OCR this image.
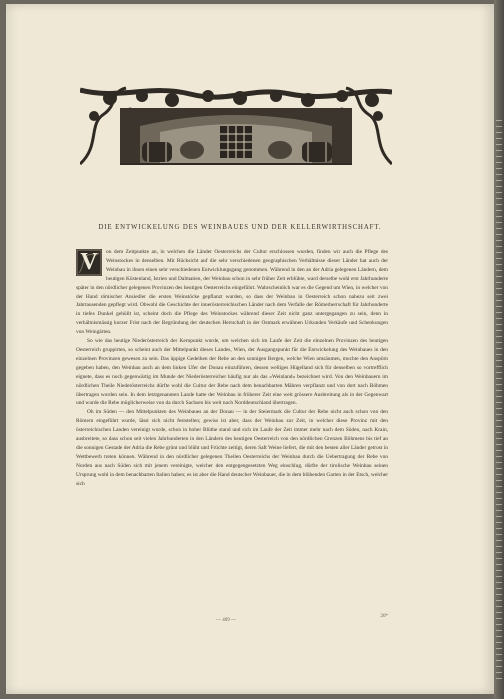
DIE ENTWICKELUNG DES WEINBAUES UND DER KELLERWIRTHSCHAFT.
V	on dem Zeitpunkte an, in welchen die Länder Oesterreichs der Cultur erschlossen wurden, finden wir auch die Pflege des Weinstockes in denselben. Mit Rücksicht auf die sehr verschiedenen geographischen Verhältnisse dieser Länder hat auch der Weinbau in ihnen einen sehr verschiedenen Entwicklungsgang genommen. Während in den an der Adria gelegenen Ländern, dem heutigen Küstenland, Istrien und Dalmatien, der Weinbau schon in sehr früher Zeit erblühte, ward derselbe wohl erst Jahrhunderte später in den nördlicher gelegenen Provinzen des heutigen Oesterreichs eingeführt. Wahrscheinlich war es die Gegend um Wien, in welcher von der Hand römischer Ansiedler die ersten Weinstöcke gepflanzt wurden, so dass der Weinbau in Oesterreich schon nahezu seit zwei Jahrtausenden gepflegt wird. Obwohl die Geschichte der innerösterreichischen Länder nach dem Verfalle der Römerherrschaft für Jahrhunderte in tiefes Dunkel gehüllt ist, scheint doch die Pflege des Weinstockes während dieser Zeit nicht ganz untergegangen zu sein, denn in verhältnismässig kurzer Frist nach der Begründung der deutschen Herrschaft in der Ostmark erwähnen Urkunden Verkäufe und Schenkungen von Weingärten.

So wie das heutige Niederösterreich der Kernpunkt wurde, um welchen sich im Laufe der Zeit die einzelnen Provinzen des heutigen Oesterreich gruppirten, so scheint auch der Mittelpunkt dieses Landes, Wien, der Ausgangspunkt für die Entwickelung des Weinbaues in den einzelnen Provinzen gewesen zu sein. Das üppige Gedeihen der Rebe an den sonnigen Bergen, welche Wien umsäumen, mochte den Anspörn gegeben haben, den Weinbau auch an dem linken Ufer der Donau einzuführen, dessen welliges Hügelland sich für denselben so vortrefflich eignete, dass es noch gegenwärtig im Munde der Niederösterreicher häufig nur als das »Weinland« bezeichnet wird. Von den Weinbauern im nördlichen Theile Niederösterreichs dürfte wohl die Cultur der Rebe nach dem benachbarten Mähren verpflanzt und von dort nach Böhmen übertragen worden sein. In dem letztgenannten Lande hatte der Weinbau in früherer Zeit eine weit grössere Ausbreitung als in der Gegenwart und wurde die Rebe möglicherweise von da durch Sachsen bis weit nach Norddeutschland übertragen.

Oh im Süden — den Mittelpunkten des Weinbaues an der Donau — in der Steiermark die Cultur der Rebe nicht auch schon von den Römern eingeführt wurde, lässt sich nicht feststellen; gewiss ist aber, dass der Weinbau zur Zeit, in welcher diese Provinz mit den österreichischen Landen vereinigt wurde, schon in hoher Blüthe stand und sich im Laufe der Zeit immer mehr nach dem Süden, nach Krain, ausbreitete, so dass schon seit vielen Jahrhunderten in den Ländern des heutigen Oesterreich von den nördlichen Grenzen Böhmens bis tief an die sonnigen Gestade der Adria die Rebe grünt und blüht und Früchte zeitigt, deren Saft Weine liefert, die mit den besten aller Länder getrost in Wettbewerb treten können. Während in den nördlicher gelegenen Theilen Oesterreichs der Weinbau durch die Uebertragung der Rebe von Norden aus nach Süden sich mit jenem vereinigte, welcher den entgegengesetzten Weg einschlug, dürfte der tirolische Weinbau seinen Ursprung wohl in dem benachbarten Italien haben; es ist aber die Hand deutscher Weinbauer, die in dem blühenden Garten in der Etsch, welcher sich

— 409 —
26*
